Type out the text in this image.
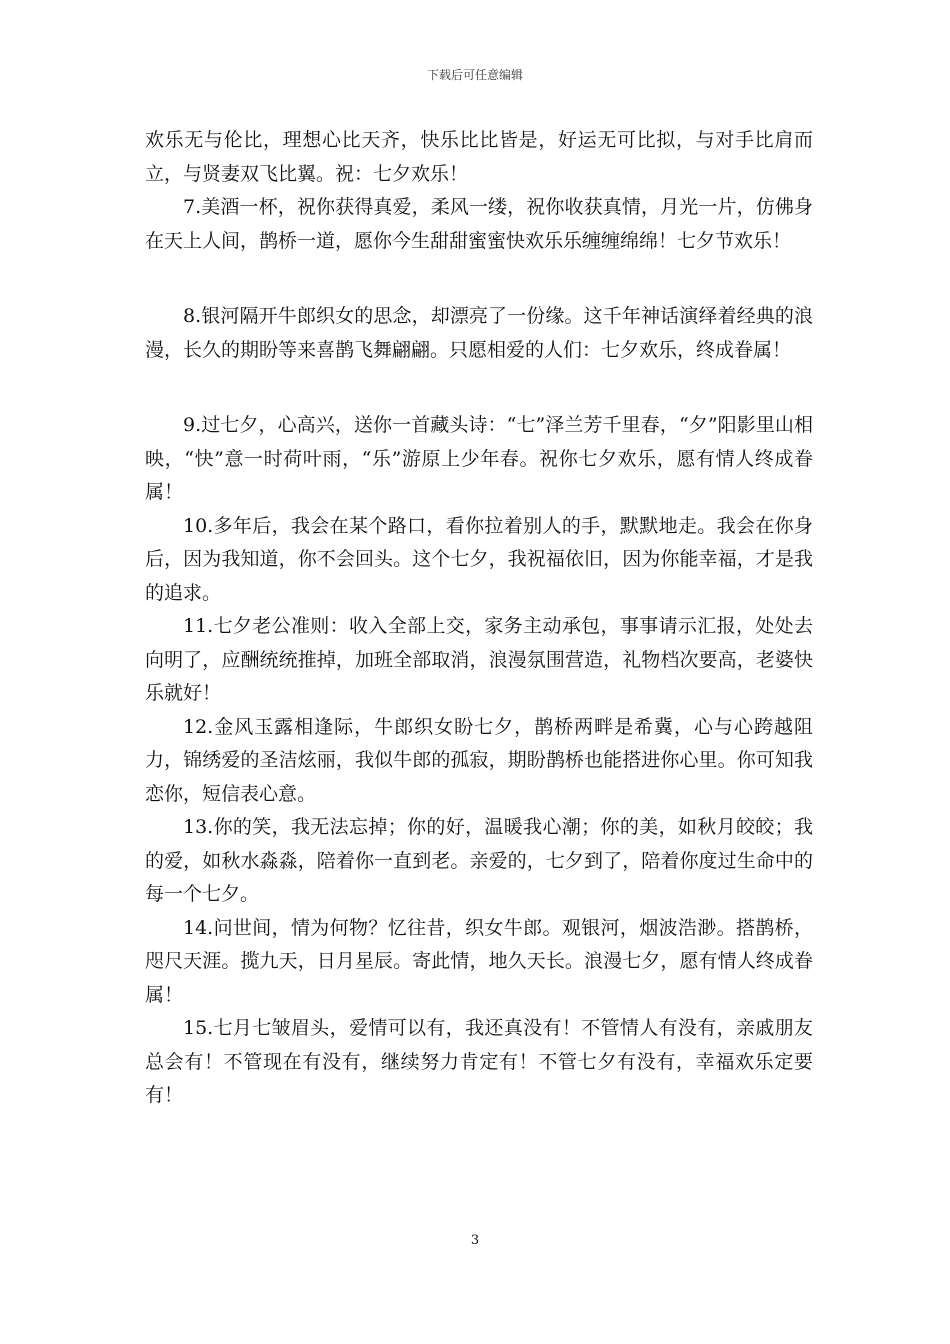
下载后可任意编辑

欢乐无与伦比，理想心比天齐，快乐比比皆是，好运无可比拟，与对手比肩而立，与贤妻双飞比翼。祝：七夕欢乐！

7.美酒一杯，祝你获得真爱，柔风一缕，祝你收获真情，月光一片，仿佛身在天上人间，鹊桥一道，愿你今生甜甜蜜蜜快欢乐乐缠缠绵绵！七夕节欢乐！

8.银河隔开牛郎织女的思念，却漂亮了一份缘。这千年神话演绎着经典的浪漫，长久的期盼等来喜鹊飞舞翩翩。只愿相爱的人们：七夕欢乐，终成眷属！

9.过七夕，心高兴，送你一首藏头诗：“七”泽兰芳千里春，“夕”阳影里山相映，“快”意一时荷叶雨，“乐”游原上少年春。祝你七夕欢乐，愿有情人终成眷属！

10.多年后，我会在某个路口，看你拉着别人的手，默默地走。我会在你身后，因为我知道，你不会回头。这个七夕，我祝福依旧，因为你能幸福，才是我的追求。

11.七夕老公准则：收入全部上交，家务主动承包，事事请示汇报，处处去向明了，应酬统统推掉，加班全部取消，浪漫氛围营造，礼物档次要高，老婆快乐就好！

12.金风玉露相逢际，牛郎织女盼七夕，鹊桥两畔是希冀，心与心跨越阻力，锦绣爱的圣洁炫丽，我似牛郎的孤寂，期盼鹊桥也能搭进你心里。你可知我恋你，短信表心意。

13.你的笑，我无法忘掉；你的好，温暖我心潮；你的美，如秋月皎皎；我的爱，如秋水淼淼，陪着你一直到老。亲爱的，七夕到了，陪着你度过生命中的每一个七夕。

14.问世间，情为何物？忆往昔，织女牛郎。观银河，烟波浩渺。搭鹊桥，咫尺天涯。揽九天，日月星辰。寄此情，地久天长。浪漫七夕，愿有情人终成眷属！

15.七月七皱眉头，爱情可以有，我还真没有！不管情人有没有，亲戚朋友总会有！不管现在有没有，继续努力肯定有！不管七夕有没有，幸福欢乐定要有！

3
